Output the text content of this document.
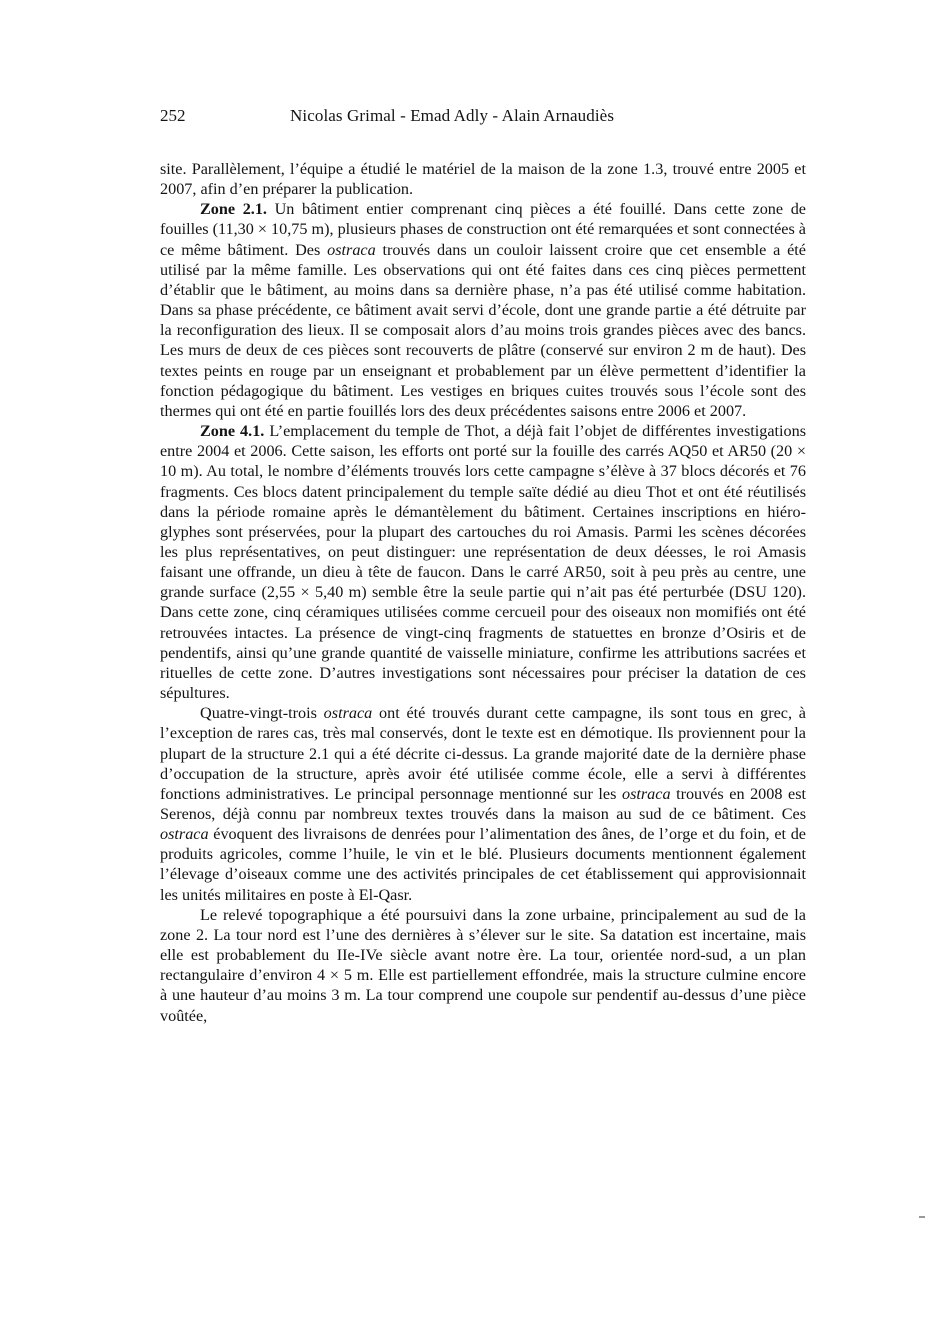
252	Nicolas Grimal - Emad Adly - Alain Arnaudiès

site. Parallèlement, l’équipe a étudié le matériel de la maison de la zone 1.3, trouvé entre 2005 et 2007, afin d’en préparer la publication.

Zone 2.1. Un bâtiment entier comprenant cinq pièces a été fouillé. Dans cette zone de fouilles (11,30 × 10,75 m), plusieurs phases de construction ont été remarquées et sont connectées à ce même bâtiment. Des ostraca trouvés dans un couloir laissent croire que cet ensemble a été utilisé par la même famille. Les observations qui ont été faites dans ces cinq pièces permettent d’établir que le bâtiment, au moins dans sa dernière phase, n’a pas été utilisé comme habitation. Dans sa phase précédente, ce bâtiment avait servi d’école, dont une grande partie a été détruite par la reconfiguration des lieux. Il se composait alors d’au moins trois grandes pièces avec des bancs. Les murs de deux de ces pièces sont recouverts de plâtre (conservé sur environ 2 m de haut). Des textes peints en rouge par un enseignant et probablement par un élève permettent d’identifier la fonction pédagogique du bâtiment. Les vestiges en briques cuites trouvés sous l’école sont des thermes qui ont été en partie fouillés lors des deux précédentes saisons entre 2006 et 2007.

Zone 4.1. L’emplacement du temple de Thot, a déjà fait l’objet de différentes investigations entre 2004 et 2006. Cette saison, les efforts ont porté sur la fouille des carrés AQ50 et AR50 (20 × 10 m). Au total, le nombre d’éléments trouvés lors cette campagne s’élève à 37 blocs décorés et 76 fragments. Ces blocs datent principalement du temple saïte dédié au dieu Thot et ont été réutilisés dans la période romaine après le démantèlement du bâtiment. Certaines inscriptions en hiéroglyphes sont préservées, pour la plupart des cartouches du roi Amasis. Parmi les scènes décorées les plus représentatives, on peut distinguer: une représentation de deux déesses, le roi Amasis faisant une offrande, un dieu à tête de faucon. Dans le carré AR50, soit à peu près au centre, une grande surface (2,55 × 5,40 m) semble être la seule partie qui n’ait pas été perturbée (DSU 120). Dans cette zone, cinq céramiques utilisées comme cercueil pour des oiseaux non momifiés ont été retrouvées intactes. La présence de vingt-cinq fragments de statuettes en bronze d’Osiris et de pendentifs, ainsi qu’une grande quantité de vaisselle miniature, confirme les attributions sacrées et rituelles de cette zone. D’autres investigations sont nécessaires pour préciser la datation de ces sépultures.

Quatre-vingt-trois ostraca ont été trouvés durant cette campagne, ils sont tous en grec, à l’exception de rares cas, très mal conservés, dont le texte est en démotique. Ils proviennent pour la plupart de la structure 2.1 qui a été décrite ci-dessus. La grande majorité date de la dernière phase d’occupation de la structure, après avoir été utilisée comme école, elle a servi à différentes fonctions administratives. Le principal personnage mentionné sur les ostraca trouvés en 2008 est Serenos, déjà connu par nombreux textes trouvés dans la maison au sud de ce bâtiment. Ces ostraca évoquent des livraisons de denrées pour l’alimentation des ânes, de l’orge et du foin, et de produits agricoles, comme l’huile, le vin et le blé. Plusieurs documents mentionnent également l’élevage d’oiseaux comme une des activités principales de cet établissement qui approvisionnait les unités militaires en poste à El-Qasr.

Le relevé topographique a été poursuivi dans la zone urbaine, principalement au sud de la zone 2. La tour nord est l’une des dernières à s’élever sur le site. Sa datation est incertaine, mais elle est probablement du IIe-IVe siècle avant notre ère. La tour, orientée nord-sud, a un plan rectangulaire d’environ 4 × 5 m. Elle est partiellement effondrée, mais la structure culmine encore à une hauteur d’au moins 3 m. La tour comprend une coupole sur pendentif au-dessus d’une pièce voûtée,
